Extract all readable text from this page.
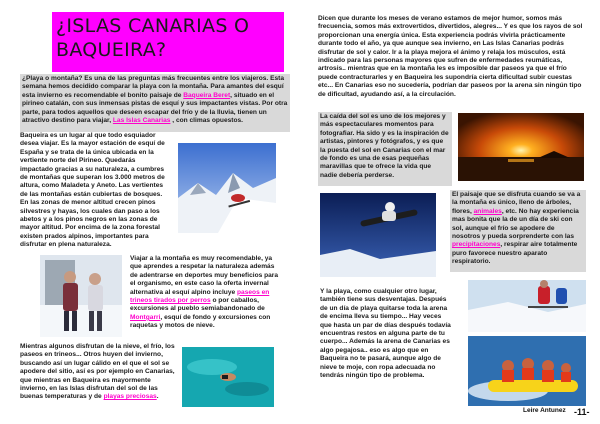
¿ISLAS CANARIAS O BAQUEIRA?
¿Playa o montaña? Es una de las preguntas más frecuentes entre los viajeros. Esta semana hemos decidido comparar la playa con la montaña. Para amantes del esquí esta invierno es recomendable el bonito paisaje de Baqueira Beret, situado en el pirineo catalán, con sus inmensas pistas de esquí y sus impactantes vistas. Por otra parte, para todos aquellos que deseen escapar del frío y de la lluvia, tienen un atractivo destino para viajar, Las Islas Canarias , con climas opuestos.
Baqueira es un lugar al que todo esquiador desea viajar. Es la mayor estación de esquí de España y se trata de la única ubicada en la vertiente norte del Pirineo. Quedarás impactado gracias a su naturaleza, a cumbres de montañas que superan los 3.000 metros de altura, como Maladeta y Aneto. Las vertientes de las montañas están cubiertas de bosques. En las zonas de menor altitud crecen pinos silvestres y hayas, los cuales dan paso a los abetos y a los pinos negros en las zonas de mayor altitud. Por encima de la zona forestal existen prados alpinos, importantes para disfrutar en plena naturaleza.
Viajar a la montaña es muy recomendable, ya que aprendes a respetar la naturaleza además de adentrarse en deportes muy beneficios para el organismo, en este caso la oferta invernal alternativa al esquí alpino incluye paseos en trineos tirados por perros o por caballos, excursiones al pueblo semiabandonado de Montgarri, esquí de fondo y excursiones con raquetas y motos de nieve.
Mientras algunos disfrutan de la nieve, el frío, los paseos en trineos... Otros huyen del invierno, buscando así un lugar cálido en el que el sol se apodere del sitio, así es por ejemplo en Canarias, que mientras en Baqueira es mayormente invierno, en las Islas disfrutan del sol de las buenas temperaturas y de playas preciosas.
Dicen que durante los meses de verano estamos de mejor humor, somos más frecuencia, somos más extrovertidos, divertidos, alegres... Y es que los rayos de sol proporcionan una energía única. Esta experiencia podrás vivirla prácticamente durante todo el año, ya que aunque sea invierno, en Las Islas Canarias podrás disfrutar de sol y calor. Ir a la playa mejora el ánimo y relaja los músculos, está indicado para las personas mayores que sufren de enfermedades reumáticas, artrosis.. mientras que en la montaña les es imposible dar paseos ya que el frío puede contracturarles y en Baqueira les supondría cierta dificultad subir cuestas etc... En Canarias eso no sucedería, podrían dar paseos por la arena sin ningún tipo de dificultad, ayudando así, a la circulación.
La caída del sol es uno de los mejores y más espectaculares momentos para fotografiar. Ha sido y es la inspiración de artistas, pintores y fotógrafos, y es que la puesta del sol en Canarias con el mar de fondo es una de esas pequeñas maravillas que te ofrece la vida que nadie debería perderse.
El paisaje que se disfruta cuando se va a la montaña es único, lleno de árboles, flores, animales, etc. No hay experiencia mas bonita que la de un día de ski con sol, aunque el frío se apodere de nosotros y pueda sorprenderte con las precipitaciones, respirar aire totalmente puro favorece nuestro aparato respiratorio.
Y la playa, como cualquier otro lugar, también tiene sus desventajas. Después de un día de playa quitarse toda la arena de encima lleva su tiempo... Hay veces que hasta un par de días después todavía encuentras restos en alguna parte de tu cuerpo... Además la arena de Canarias es algo pegajosa.. eso es algo que en Baqueira no te pasará, aunque algo de nieve te moje, con ropa adecuada no tendrás ningún tipo de problema.
Leire Antunez -11-
